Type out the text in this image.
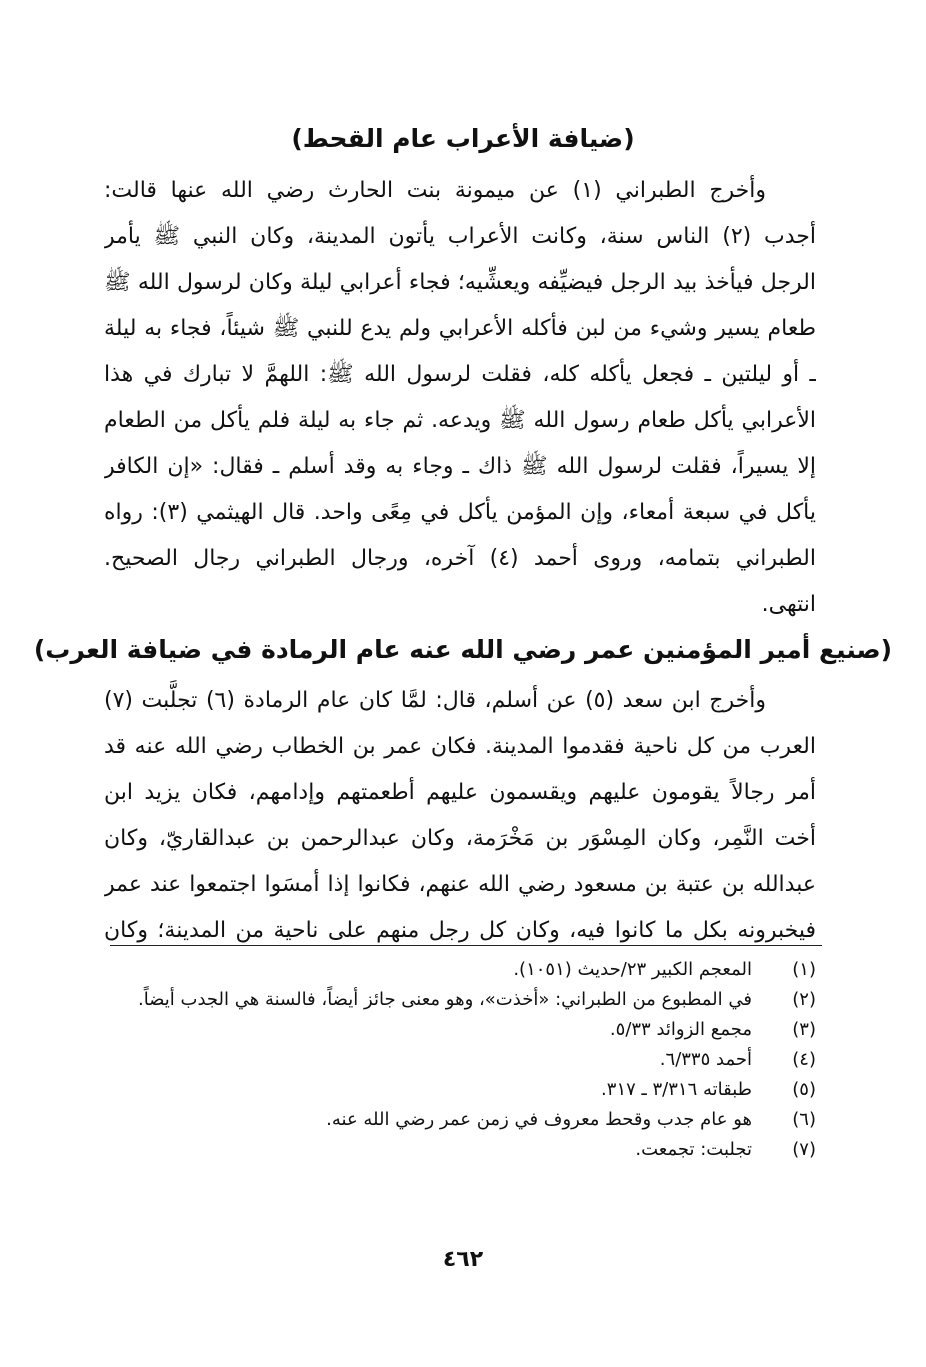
(ضيافة الأعراب عام القحط)
وأخرج الطبراني (١) عن ميمونة بنت الحارث رضي الله عنها قالت:
أجدب (٢) الناس سنة، وكانت الأعراب يأتون المدينة، وكان النبي ﷺ يأمر
الرجل فيأخذ بيد الرجل فيضيِّفه ويعشِّيه؛ فجاء أعرابي ليلة وكان لرسول الله ﷺ
طعام يسير وشيء من لبن فأكله الأعرابي ولم يدع للنبي ﷺ شيئاً، فجاء به ليلة
ـ أو ليلتين ـ فجعل يأكله كله، فقلت لرسول الله ﷺ: اللهمَّ لا تبارك في هذا
الأعرابي يأكل طعام رسول الله ﷺ ويدعه. ثم جاء به ليلة فلم يأكل من الطعام
إلا يسيراً، فقلت لرسول الله ﷺ ذاك ـ وجاء به وقد أسلم ـ فقال: «إن الكافر
يأكل في سبعة أمعاء، وإن المؤمن يأكل في مِعًى واحد. قال الهيثمي (٣): رواه
الطبراني بتمامه، وروى أحمد (٤) آخره، ورجال الطبراني رجال الصحيح.
انتهى.
(صنيع أمير المؤمنين عمر رضي الله عنه عام الرمادة في ضيافة العرب)
وأخرج ابن سعد (٥) عن أسلم، قال: لمَّا كان عام الرمادة (٦) تجلَّبت (٧)
العرب من كل ناحية فقدموا المدينة. فكان عمر بن الخطاب رضي الله عنه قد
أمر رجالاً يقومون عليهم ويقسمون عليهم أطعمتهم وإدامهم، فكان يزيد ابن
أخت النَّمِر، وكان المِسْوَر بن مَخْرَمة، وكان عبدالرحمن بن عبدالقاريّ، وكان
عبدالله بن عتبة بن مسعود رضي الله عنهم، فكانوا إذا أمسَوا اجتمعوا عند عمر
فيخبرونه بكل ما كانوا فيه، وكان كل رجل منهم على ناحية من المدينة؛ وكان
(١)
المعجم الكبير ٢٣/حديث (١٠٥١).
(٢)
في المطبوع من الطبراني: «أخذت»، وهو معنى جائز أيضاً، فالسنة هي الجدب أيضاً.
(٣)
مجمع الزوائد ٥/٣٣.
(٤)
أحمد ٦/٣٣٥.
(٥)
طبقاته ٣/٣١٦ ـ ٣١٧.
(٦)
هو عام جدب وقحط معروف في زمن عمر رضي الله عنه.
(٧)
تجلبت: تجمعت.
٤٦٢
